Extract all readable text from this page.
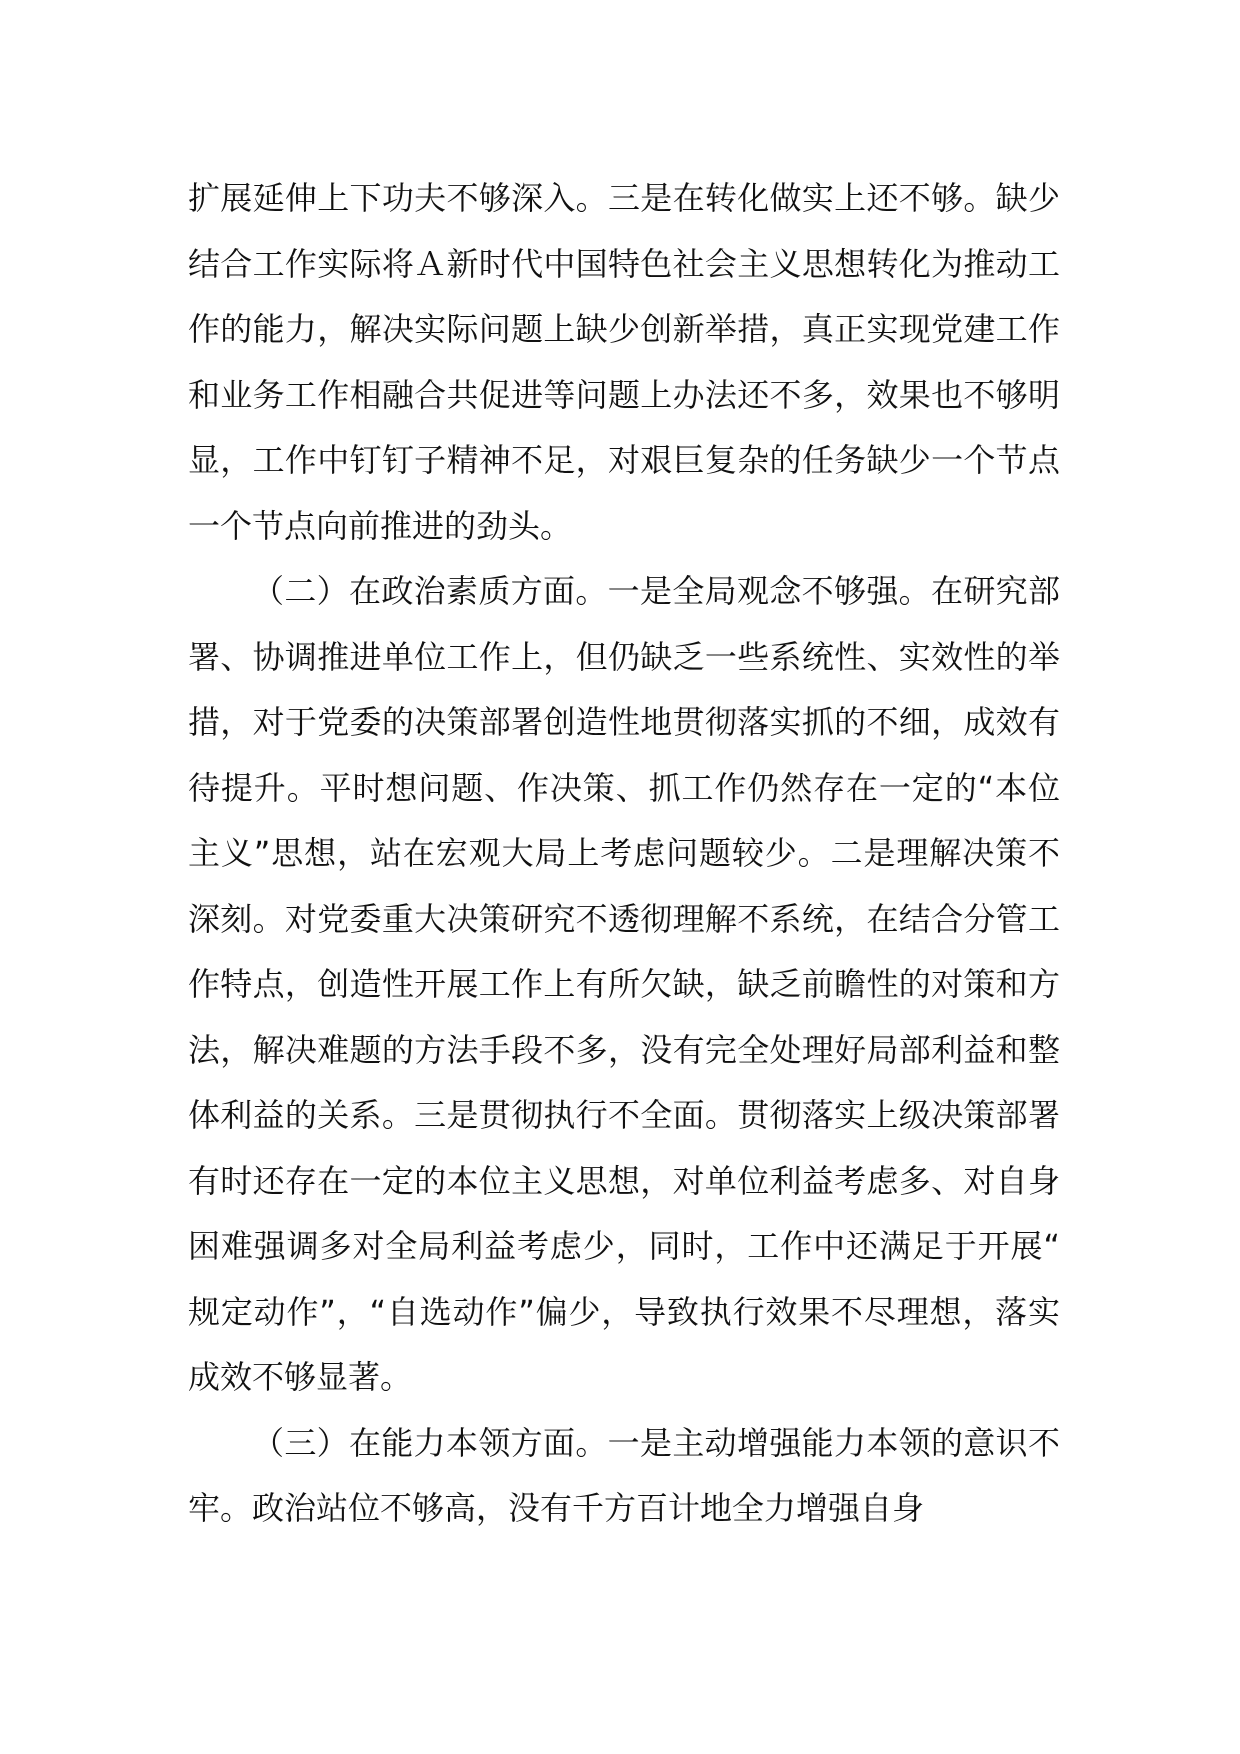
扩展延伸上下功夫不够深入。三是在转化做实上还不够。缺少结合工作实际将Ａ新时代中国特色社会主义思想转化为推动工作的能力，解决实际问题上缺少创新举措，真正实现党建工作和业务工作相融合共促进等问题上办法还不多，效果也不够明显，工作中钉钉子精神不足，对艰巨复杂的任务缺少一个节点一个节点向前推进的劲头。

（二）在政治素质方面。一是全局观念不够强。在研究部署、协调推进单位工作上，但仍缺乏一些系统性、实效性的举措，对于党委的决策部署创造性地贯彻落实抓的不细，成效有待提升。平时想问题、作决策、抓工作仍然存在一定的“本位主义”思想，站在宏观大局上考虑问题较少。二是理解决策不深刻。对党委重大决策研究不透彻理解不系统，在结合分管工作特点，创造性开展工作上有所欠缺，缺乏前瞻性的对策和方法，解决难题的方法手段不多，没有完全处理好局部利益和整体利益的关系。三是贯彻执行不全面。贯彻落实上级决策部署有时还存在一定的本位主义思想，对单位利益考虑多、对自身困难强调多对全局利益考虑少，同时，工作中还满足于开展“规定动作”，“自选动作”偏少，导致执行效果不尽理想，落实成效不够显著。

（三）在能力本领方面。一是主动增强能力本领的意识不牢。政治站位不够高，没有千方百计地全力增强自身
